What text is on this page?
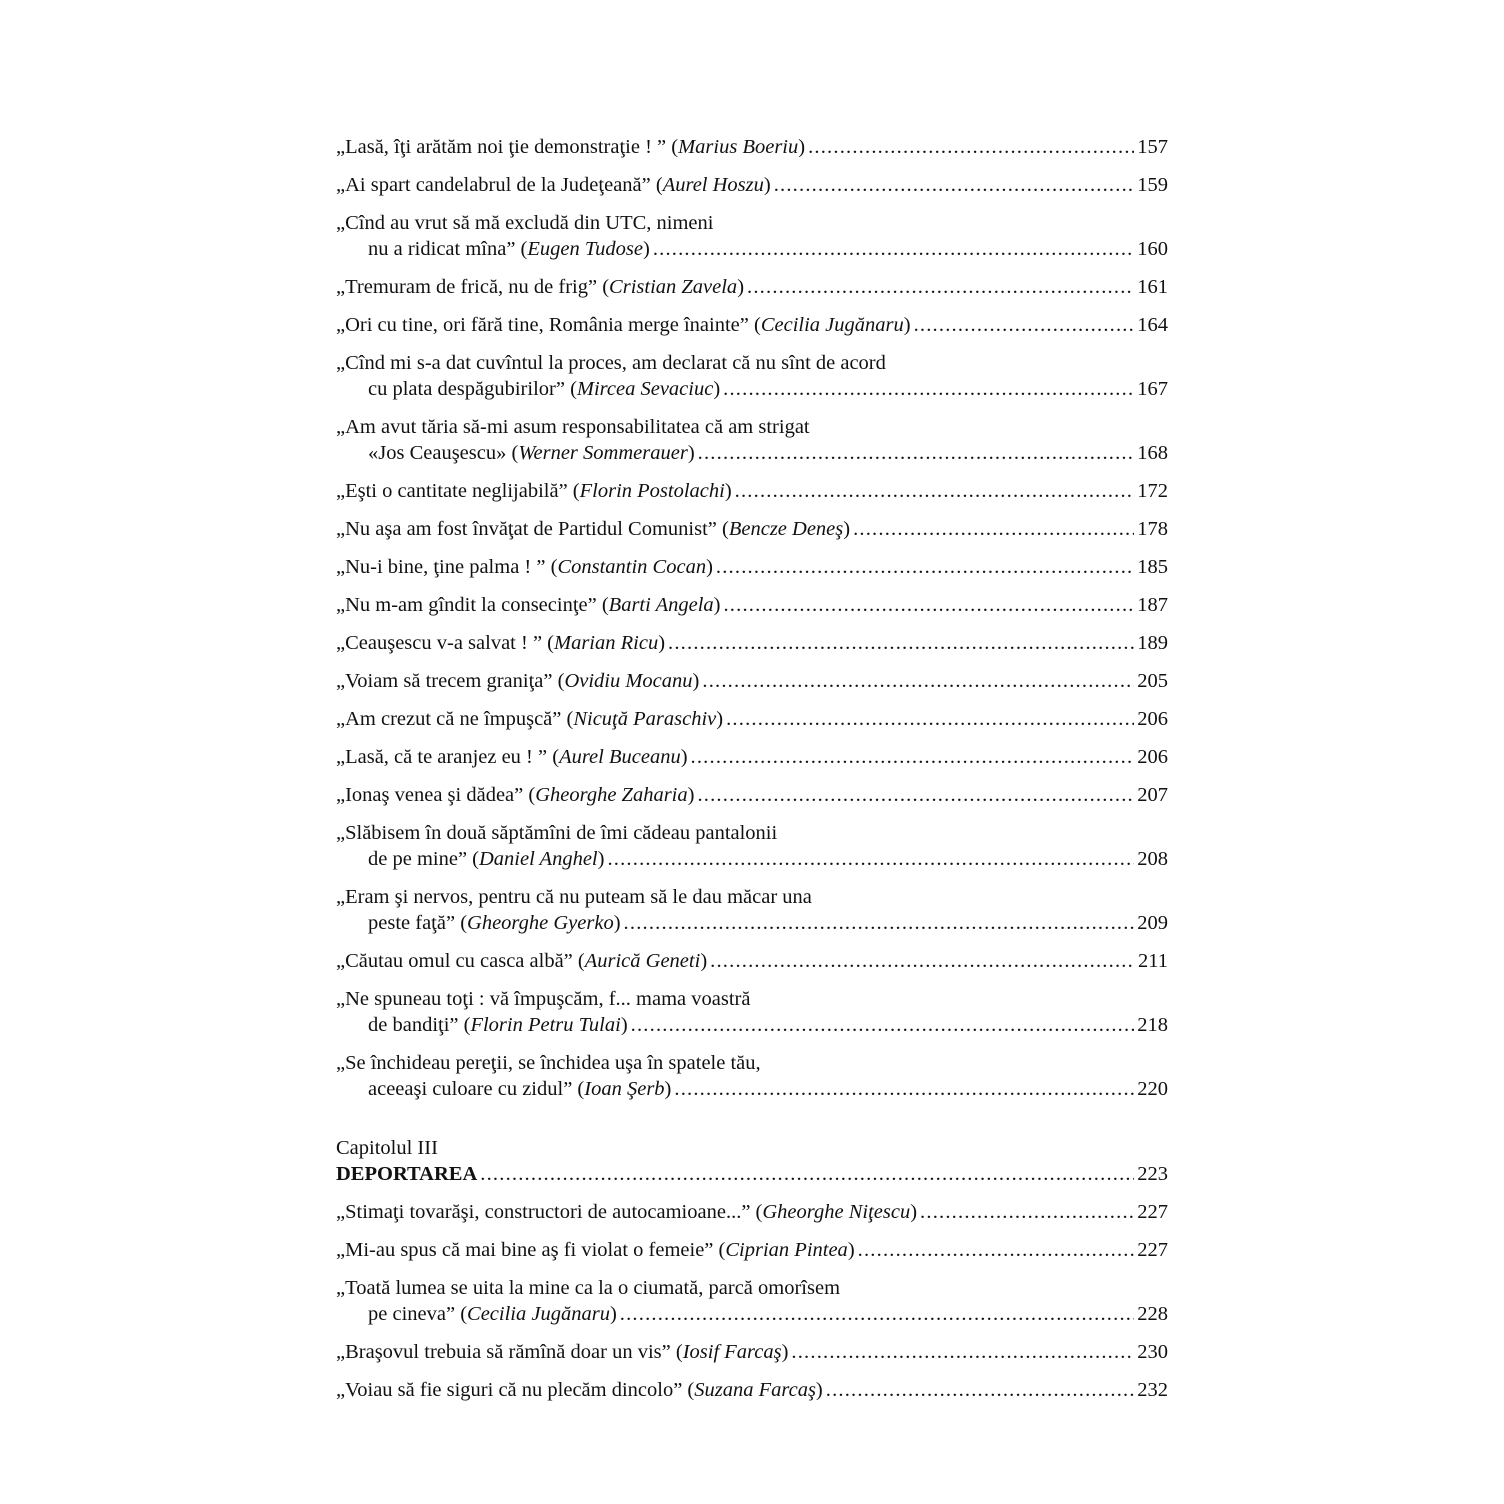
„Lasă, îţi arătăm noi ţie demonstraţie ! ” (Marius Boeriu) .....	157
„Ai spart candelabrul de la Judeţeană” (Aurel Hoszu) .....	159
„Cînd au vrut să mă excludă din UTC, nimeni
nu a ridicat mîna” (Eugen Tudose) .....	160
„Tremuram de frică, nu de frig” (Cristian Zavela) .....	161
„Ori cu tine, ori fără tine, România merge înainte” (Cecilia Jugănaru) .....	164
„Cînd mi s-a dat cuvîntul la proces, am declarat că nu sînt de acord
cu plata despăgubirilor” (Mircea Sevaciuc) .....	167
„Am avut tăria să-mi asum responsabilitatea că am strigat
«Jos Ceauşescu» (Werner Sommerauer) .....	168
„Eşti o cantitate neglijabilă” (Florin Postolachi) .....	172
„Nu aşa am fost învăţat de Partidul Comunist” (Bencze Deneş) .....	178
„Nu-i bine, ţine palma ! ” (Constantin Cocan) .....	185
„Nu m-am gîndit la consecinţe” (Barti Angela) .....	187
„Ceauşescu v-a salvat ! ” (Marian Ricu) .....	189
„Voiam să trecem graniţa” (Ovidiu Mocanu) .....	205
„Am crezut că ne împuşcă” (Nicuţă Paraschiv) .....	206
„Lasă, că te aranjez eu ! ” (Aurel Buceanu) .....	206
„Ionaş venea şi dădea” (Gheorghe Zaharia) .....	207
„Slăbisem în două săptămîni de îmi cădeau pantalonii
de pe mine” (Daniel Anghel) .....	208
„Eram şi nervos, pentru că nu puteam să le dau măcar una
peste faţă” (Gheorghe Gyerko) .....	209
„Căutau omul cu casca albă” (Aurică Geneti) .....	211
„Ne spuneau toţi : vă împuşcăm, f... mama voastră
de bandiţi” (Florin Petru Tulai) .....	218
„Se închideau pereţii, se închidea uşa în spatele tău,
aceeaşi culoare cu zidul” (Ioan Şerb) .....	220
Capitolul III
DEPORTAREA .....	223
„Stimaţi tovarăşi, constructori de autocamioane...” (Gheorghe Niţescu) .....	227
„Mi-au spus că mai bine aş fi violat o femeie” (Ciprian Pintea) .....	227
„Toată lumea se uita la mine ca la o ciumată, parcă omorîsem
pe cineva” (Cecilia Jugănaru) .....	228
„Braşovul trebuia să rămînă doar un vis” (Iosif Farcaş) .....	230
„Voiau să fie siguri că nu plecăm dincolo” (Suzana Farcaş) .....	232
